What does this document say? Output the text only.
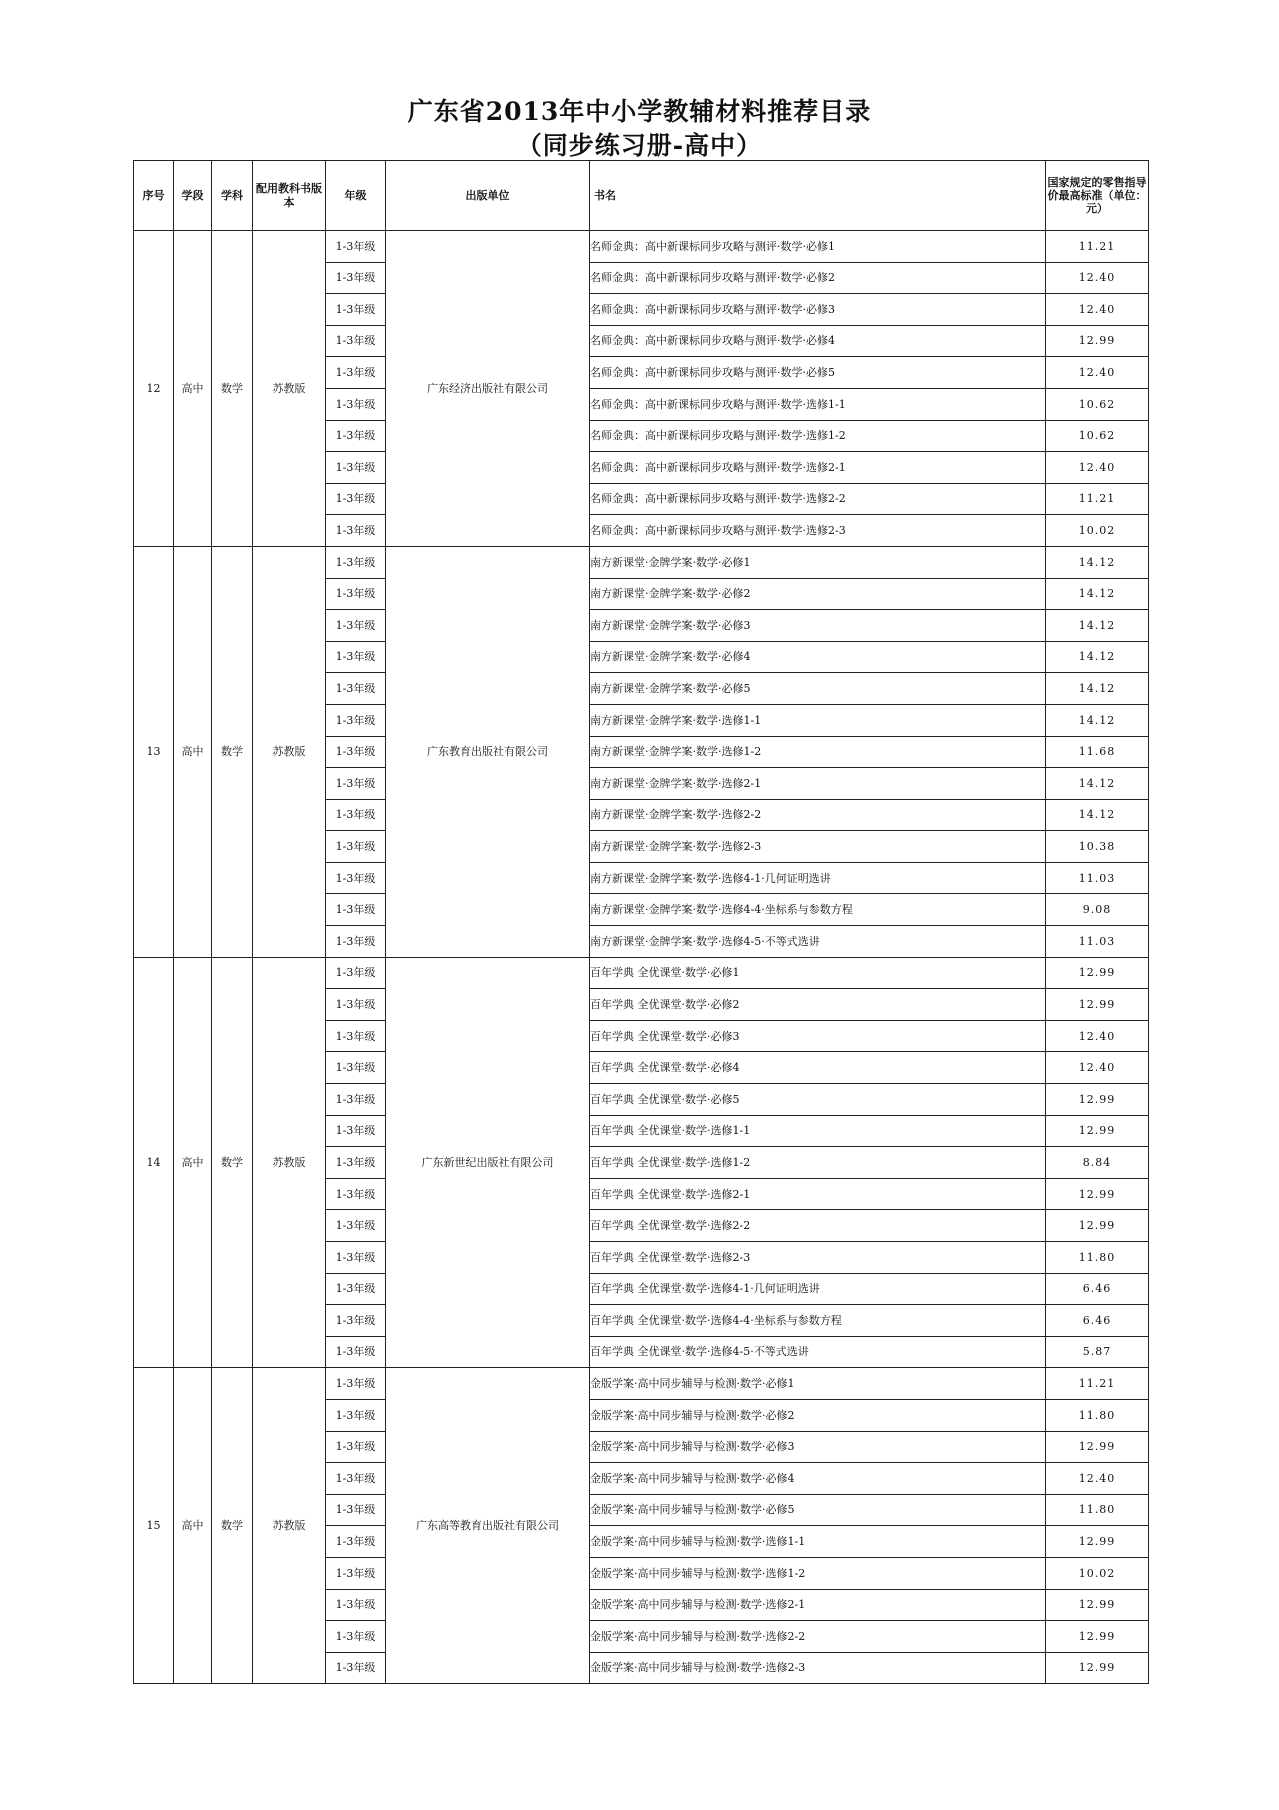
广东省2013年中小学教辅材料推荐目录
（同步练习册-高中）
序号	学段	学科	配用教科书版本	年级	出版单位	书名	国家规定的零售指导价最高标准（单位：元）
12	高中	数学	苏教版	1-3年级	广东经济出版社有限公司	名师金典：高中新课标同步攻略与测评·数学·必修1	11.21
				1-3年级		名师金典：高中新课标同步攻略与测评·数学·必修2	12.40
				1-3年级		名师金典：高中新课标同步攻略与测评·数学·必修3	12.40
				1-3年级		名师金典：高中新课标同步攻略与测评·数学·必修4	12.99
				1-3年级		名师金典：高中新课标同步攻略与测评·数学·必修5	12.40
				1-3年级		名师金典：高中新课标同步攻略与测评·数学·选修1-1	10.62
				1-3年级		名师金典：高中新课标同步攻略与测评·数学·选修1-2	10.62
				1-3年级		名师金典：高中新课标同步攻略与测评·数学·选修2-1	12.40
				1-3年级		名师金典：高中新课标同步攻略与测评·数学·选修2-2	11.21
				1-3年级		名师金典：高中新课标同步攻略与测评·数学·选修2-3	10.02
13	高中	数学	苏教版	1-3年级	广东教育出版社有限公司	南方新课堂·金牌学案·数学·必修1	14.12
				1-3年级		南方新课堂·金牌学案·数学·必修2	14.12
				1-3年级		南方新课堂·金牌学案·数学·必修3	14.12
				1-3年级		南方新课堂·金牌学案·数学·必修4	14.12
				1-3年级		南方新课堂·金牌学案·数学·必修5	14.12
				1-3年级		南方新课堂·金牌学案·数学·选修1-1	14.12
				1-3年级		南方新课堂·金牌学案·数学·选修1-2	11.68
				1-3年级		南方新课堂·金牌学案·数学·选修2-1	14.12
				1-3年级		南方新课堂·金牌学案·数学·选修2-2	14.12
				1-3年级		南方新课堂·金牌学案·数学·选修2-3	10.38
				1-3年级		南方新课堂·金牌学案·数学·选修4-1·几何证明选讲	11.03
				1-3年级		南方新课堂·金牌学案·数学·选修4-4·坐标系与参数方程	9.08
				1-3年级		南方新课堂·金牌学案·数学·选修4-5·不等式选讲	11.03
14	高中	数学	苏教版	1-3年级	广东新世纪出版社有限公司	百年学典 全优课堂·数学·必修1	12.99
				1-3年级		百年学典 全优课堂·数学·必修2	12.99
				1-3年级		百年学典 全优课堂·数学·必修3	12.40
				1-3年级		百年学典 全优课堂·数学·必修4	12.40
				1-3年级		百年学典 全优课堂·数学·必修5	12.99
				1-3年级		百年学典 全优课堂·数学·选修1-1	12.99
				1-3年级		百年学典 全优课堂·数学·选修1-2	8.84
				1-3年级		百年学典 全优课堂·数学·选修2-1	12.99
				1-3年级		百年学典 全优课堂·数学·选修2-2	12.99
				1-3年级		百年学典 全优课堂·数学·选修2-3	11.80
				1-3年级		百年学典 全优课堂·数学·选修4-1·几何证明选讲	6.46
				1-3年级		百年学典 全优课堂·数学·选修4-4·坐标系与参数方程	6.46
				1-3年级		百年学典 全优课堂·数学·选修4-5·不等式选讲	5.87
15	高中	数学	苏教版	1-3年级	广东高等教育出版社有限公司	金版学案·高中同步辅导与检测·数学·必修1	11.21
				1-3年级		金版学案·高中同步辅导与检测·数学·必修2	11.80
				1-3年级		金版学案·高中同步辅导与检测·数学·必修3	12.99
				1-3年级		金版学案·高中同步辅导与检测·数学·必修4	12.40
				1-3年级		金版学案·高中同步辅导与检测·数学·必修5	11.80
				1-3年级		金版学案·高中同步辅导与检测·数学·选修1-1	12.99
				1-3年级		金版学案·高中同步辅导与检测·数学·选修1-2	10.02
				1-3年级		金版学案·高中同步辅导与检测·数学·选修2-1	12.99
				1-3年级		金版学案·高中同步辅导与检测·数学·选修2-2	12.99
				1-3年级		金版学案·高中同步辅导与检测·数学·选修2-3	12.99
